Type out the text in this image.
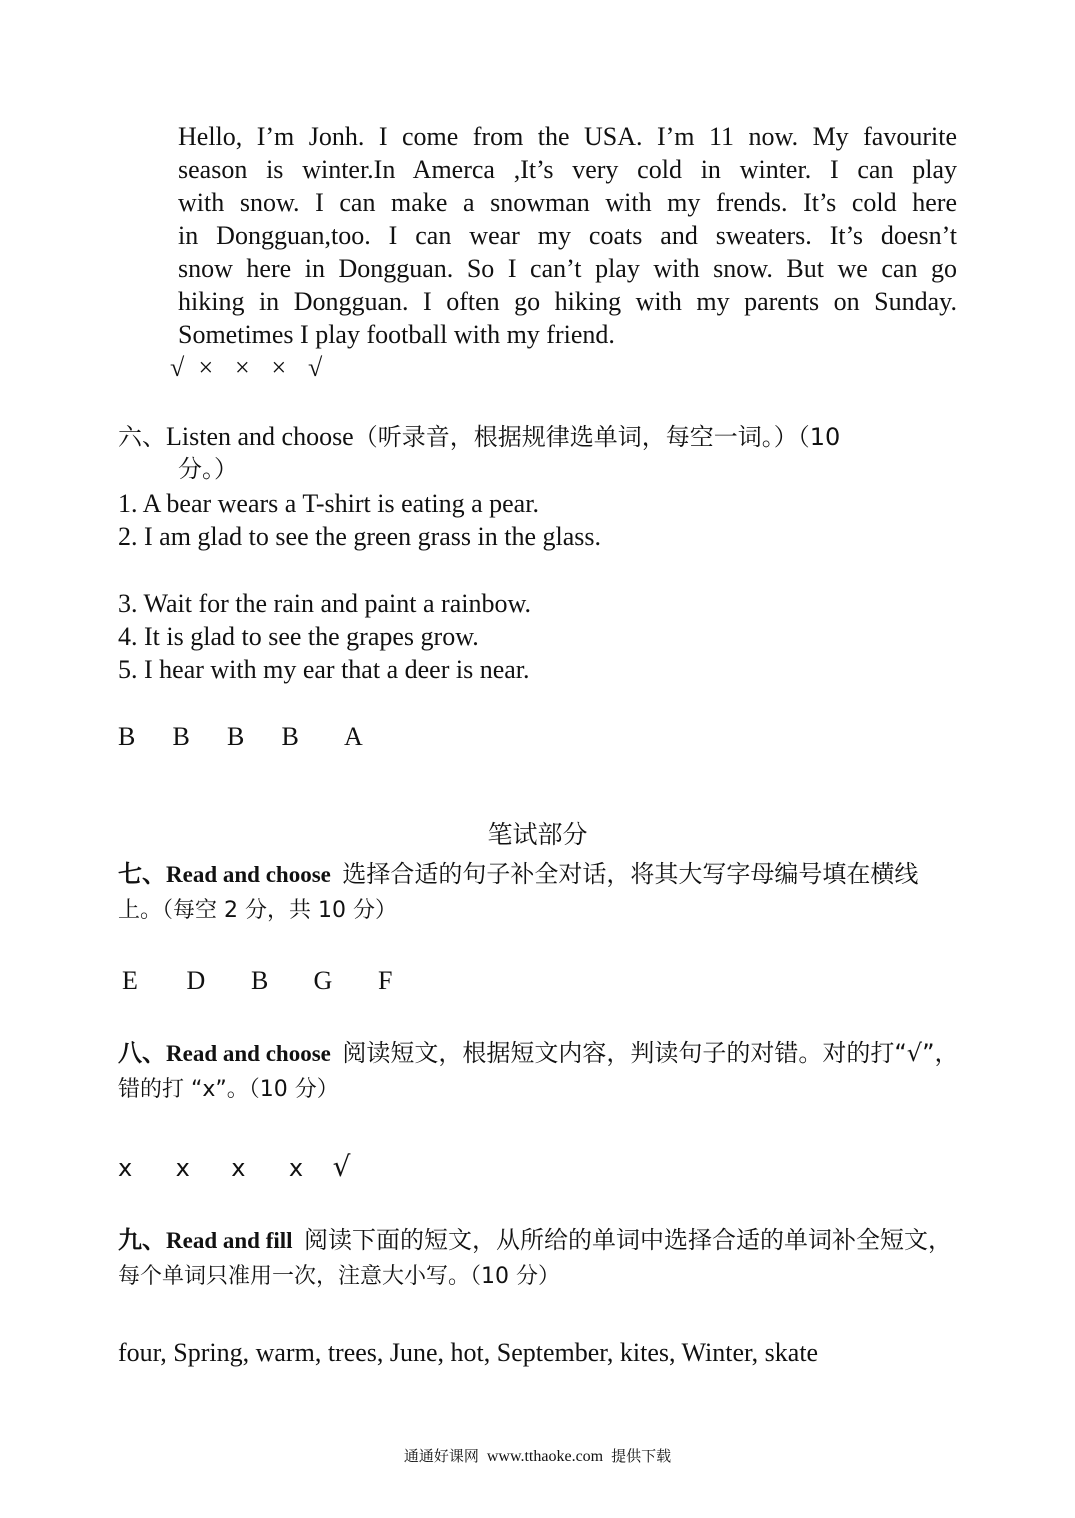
Hello, I’m Jonh. I come from the USA. I’m 11 now. My favourite
season is winter.In Amerca ,It’s very cold in winter. I can play
with snow. I can make a snowman with my frends. It’s cold here
in Dongguan,too. I can wear my coats and sweaters. It’s doesn’t
snow here in Dongguan. So I can’t play with snow. But we can go
hiking in Dongguan. I often go hiking with my parents on Sunday.
Sometimes I play football with my friend.
√ × × × √
六、Listen and choose（听录音，根据规律选单词，每空一词。）（10
分。）
1. A bear wears a T-shirt is eating a pear.
2. I am glad to see the green grass in the glass.
3. Wait for the rain and paint a rainbow.
4. It is glad to see the grapes grow.
5. I hear with my ear that a deer is near.
B B B B A
笔试部分
七、Read and choose 选择合适的句子补全对话，将其大写字母编号填在横线
上。（每空 2 分，共 10 分）
E D B G F
八、Read and choose 阅读短文，根据短文内容，判读句子的对错。对的打“√”，
错的打 “x”。（10 分）
x x x x √
九、Read and fill 阅读下面的短文，从所给的单词中选择合适的单词补全短文，
每个单词只准用一次，注意大小写。（10 分）
four, Spring, warm, trees, June, hot, September, kites, Winter, skate
通通好课网 www.tthaoke.com 提供下载
